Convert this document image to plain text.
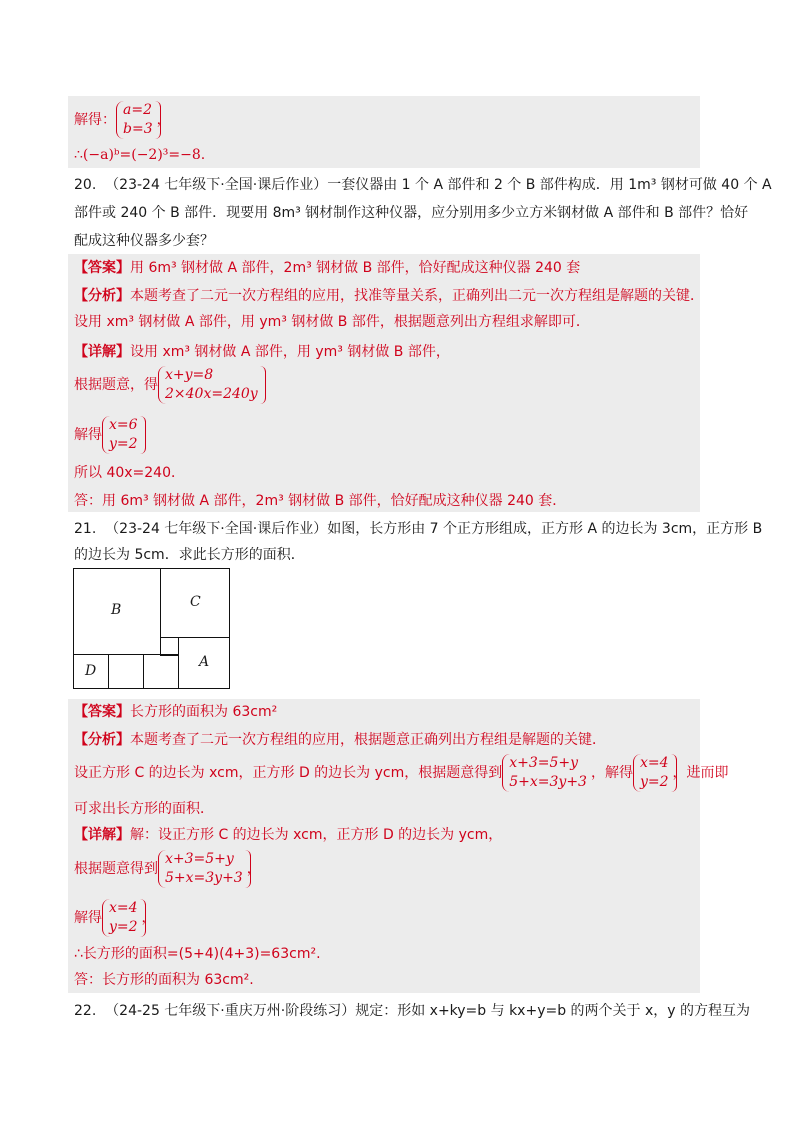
解得：
a=2
b=3
，
∴(−a)ᵇ=(−2)³=−8.
20. （23-24 七年级下·全国·课后作业）一套仪器由 1 个 A 部件和 2 个 B 部件构成．用 1m³ 钢材可做 40 个 A
部件或 240 个 B 部件．现要用 8m³ 钢材制作这种仪器，应分别用多少立方米钢材做 A 部件和 B 部件？恰好
配成这种仪器多少套？
【答案】用 6m³ 钢材做 A 部件，2m³ 钢材做 B 部件，恰好配成这种仪器 240 套
【分析】本题考查了二元一次方程组的应用，找准等量关系，正确列出二元一次方程组是解题的关键．
设用 xm³ 钢材做 A 部件，用 ym³ 钢材做 B 部件，根据题意列出方程组求解即可．
【详解】设用 xm³ 钢材做 A 部件，用 ym³ 钢材做 B 部件，
根据题意，得
x+y=8
2×40x=240y
解得
x=6
y=2
所以 40x=240．
答：用 6m³ 钢材做 A 部件，2m³ 钢材做 B 部件，恰好配成这种仪器 240 套．
21. （23-24 七年级下·全国·课后作业）如图，长方形由 7 个正方形组成，正方形 A 的边长为 3cm，正方形 B
的边长为 5cm．求此长方形的面积．
B	C
D
A
【答案】长方形的面积为 63cm²
【分析】本题考查了二元一次方程组的应用，根据题意正确列出方程组是解题的关键．
设正方形 C 的边长为 xcm，正方形 D 的边长为 ycm，根据题意得到
x+3=5+y
5+x=3y+3
，解得
x=4
y=2
，进而即
可求出长方形的面积．
【详解】解：设正方形 C 的边长为 xcm，正方形 D 的边长为 ycm，
根据题意得到
x+3=5+y
5+x=3y+3
，
解得
x=4
y=2
，
∴长方形的面积=(5+4)(4+3)=63cm².
答：长方形的面积为 63cm².
22. （24-25 七年级下·重庆万州·阶段练习）规定：形如 x+ky=b 与 kx+y=b 的两个关于 x，y 的方程互为
